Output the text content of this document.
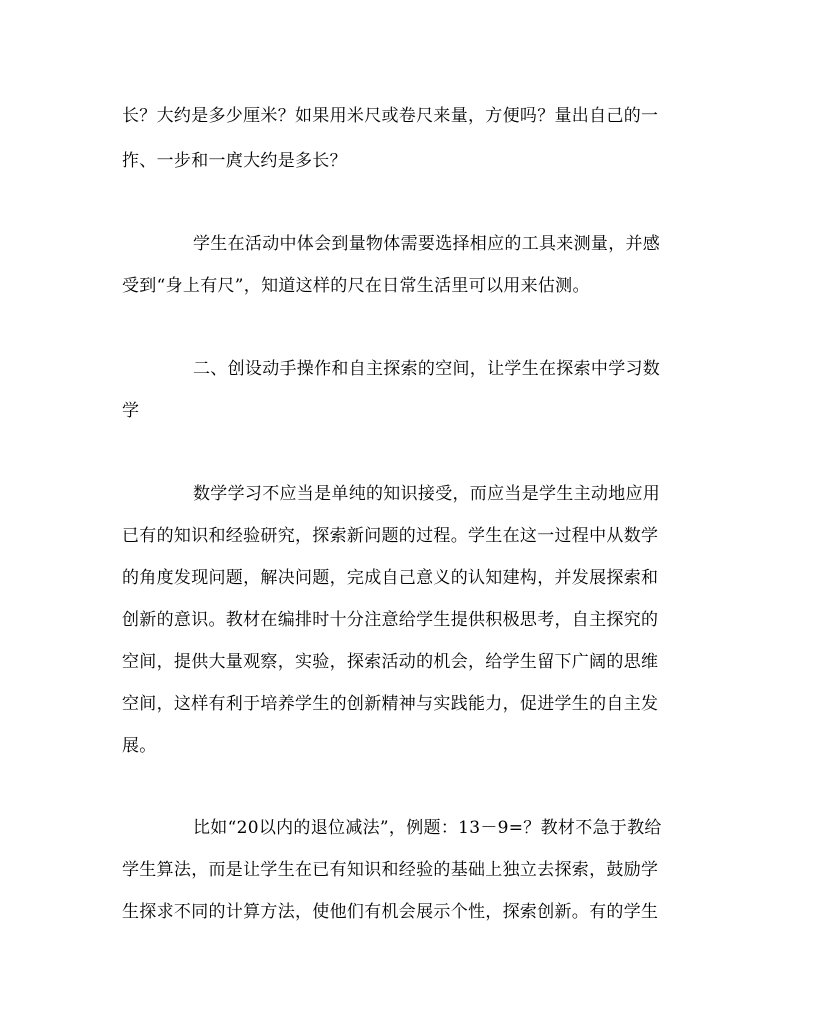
长？大约是多少厘米？如果用米尺或卷尺来量，方便吗？量出自己的一
拃、一步和一庹大约是多长？
学生在活动中体会到量物体需要选择相应的工具来测量，并感
受到“身上有尺”，知道这样的尺在日常生活里可以用来估测。
二、创设动手操作和自主探索的空间，让学生在探索中学习数
学
数学学习不应当是单纯的知识接受，而应当是学生主动地应用
已有的知识和经验研究，探索新问题的过程。学生在这一过程中从数学
的角度发现问题，解决问题，完成自己意义的认知建构，并发展探索和
创新的意识。教材在编排时十分注意给学生提供积极思考，自主探究的
空间，提供大量观察，实验，探索活动的机会，给学生留下广阔的思维
空间，这样有利于培养学生的创新精神与实践能力，促进学生的自主发
展。
比如“20以内的退位减法”，例题：13－9=？教材不急于教给
学生算法，而是让学生在已有知识和经验的基础上独立去探索，鼓励学
生探求不同的计算方法，使他们有机会展示个性，探索创新。有的学生
